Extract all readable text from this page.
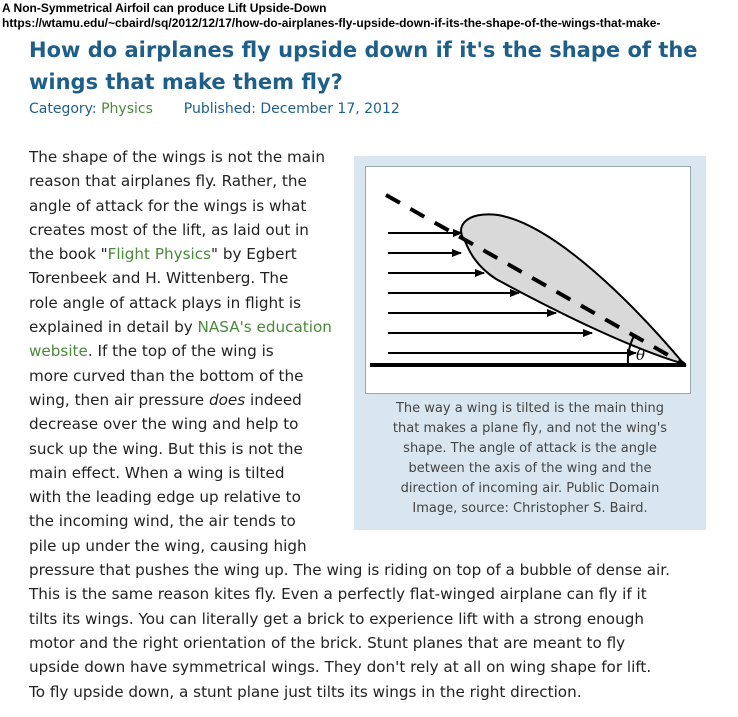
A Non-Symmetrical Airfoil can produce Lift Upside-Down
https://wtamu.edu/~cbaird/sq/2012/12/17/how-do-airplanes-fly-upside-down-if-its-the-shape-of-the-wings-that-make-
How do airplanes fly upside down if it's the shape of the wings that make them fly?
Category: Physics Published: December 17, 2012
The shape of the wings is not the main
reason that airplanes fly. Rather, the
angle of attack for the wings is what
creates most of the lift, as laid out in
the book "Flight Physics" by Egbert
Torenbeek and H. Wittenberg. The
role angle of attack plays in flight is
explained in detail by NASA's education
website. If the top of the wing is
more curved than the bottom of the
wing, then air pressure does indeed
decrease over the wing and help to
suck up the wing. But this is not the
main effect. When a wing is tilted
with the leading edge up relative to
the incoming wind, the air tends to
pile up under the wing, causing high
pressure that pushes the wing up. The wing is riding on top of a bubble of dense air.
This is the same reason kites fly. Even a perfectly flat-winged airplane can fly if it
tilts its wings. You can literally get a brick to experience lift with a strong enough
motor and the right orientation of the brick. Stunt planes that are meant to fly
upside down have symmetrical wings. They don't rely at all on wing shape for lift.
To fly upside down, a stunt plane just tilts its wings in the right direction.
θ
The way a wing is tilted is the main thing
that makes a plane fly, and not the wing's
shape. The angle of attack is the angle
between the axis of the wing and the
direction of incoming air. Public Domain
Image, source: Christopher S. Baird.
